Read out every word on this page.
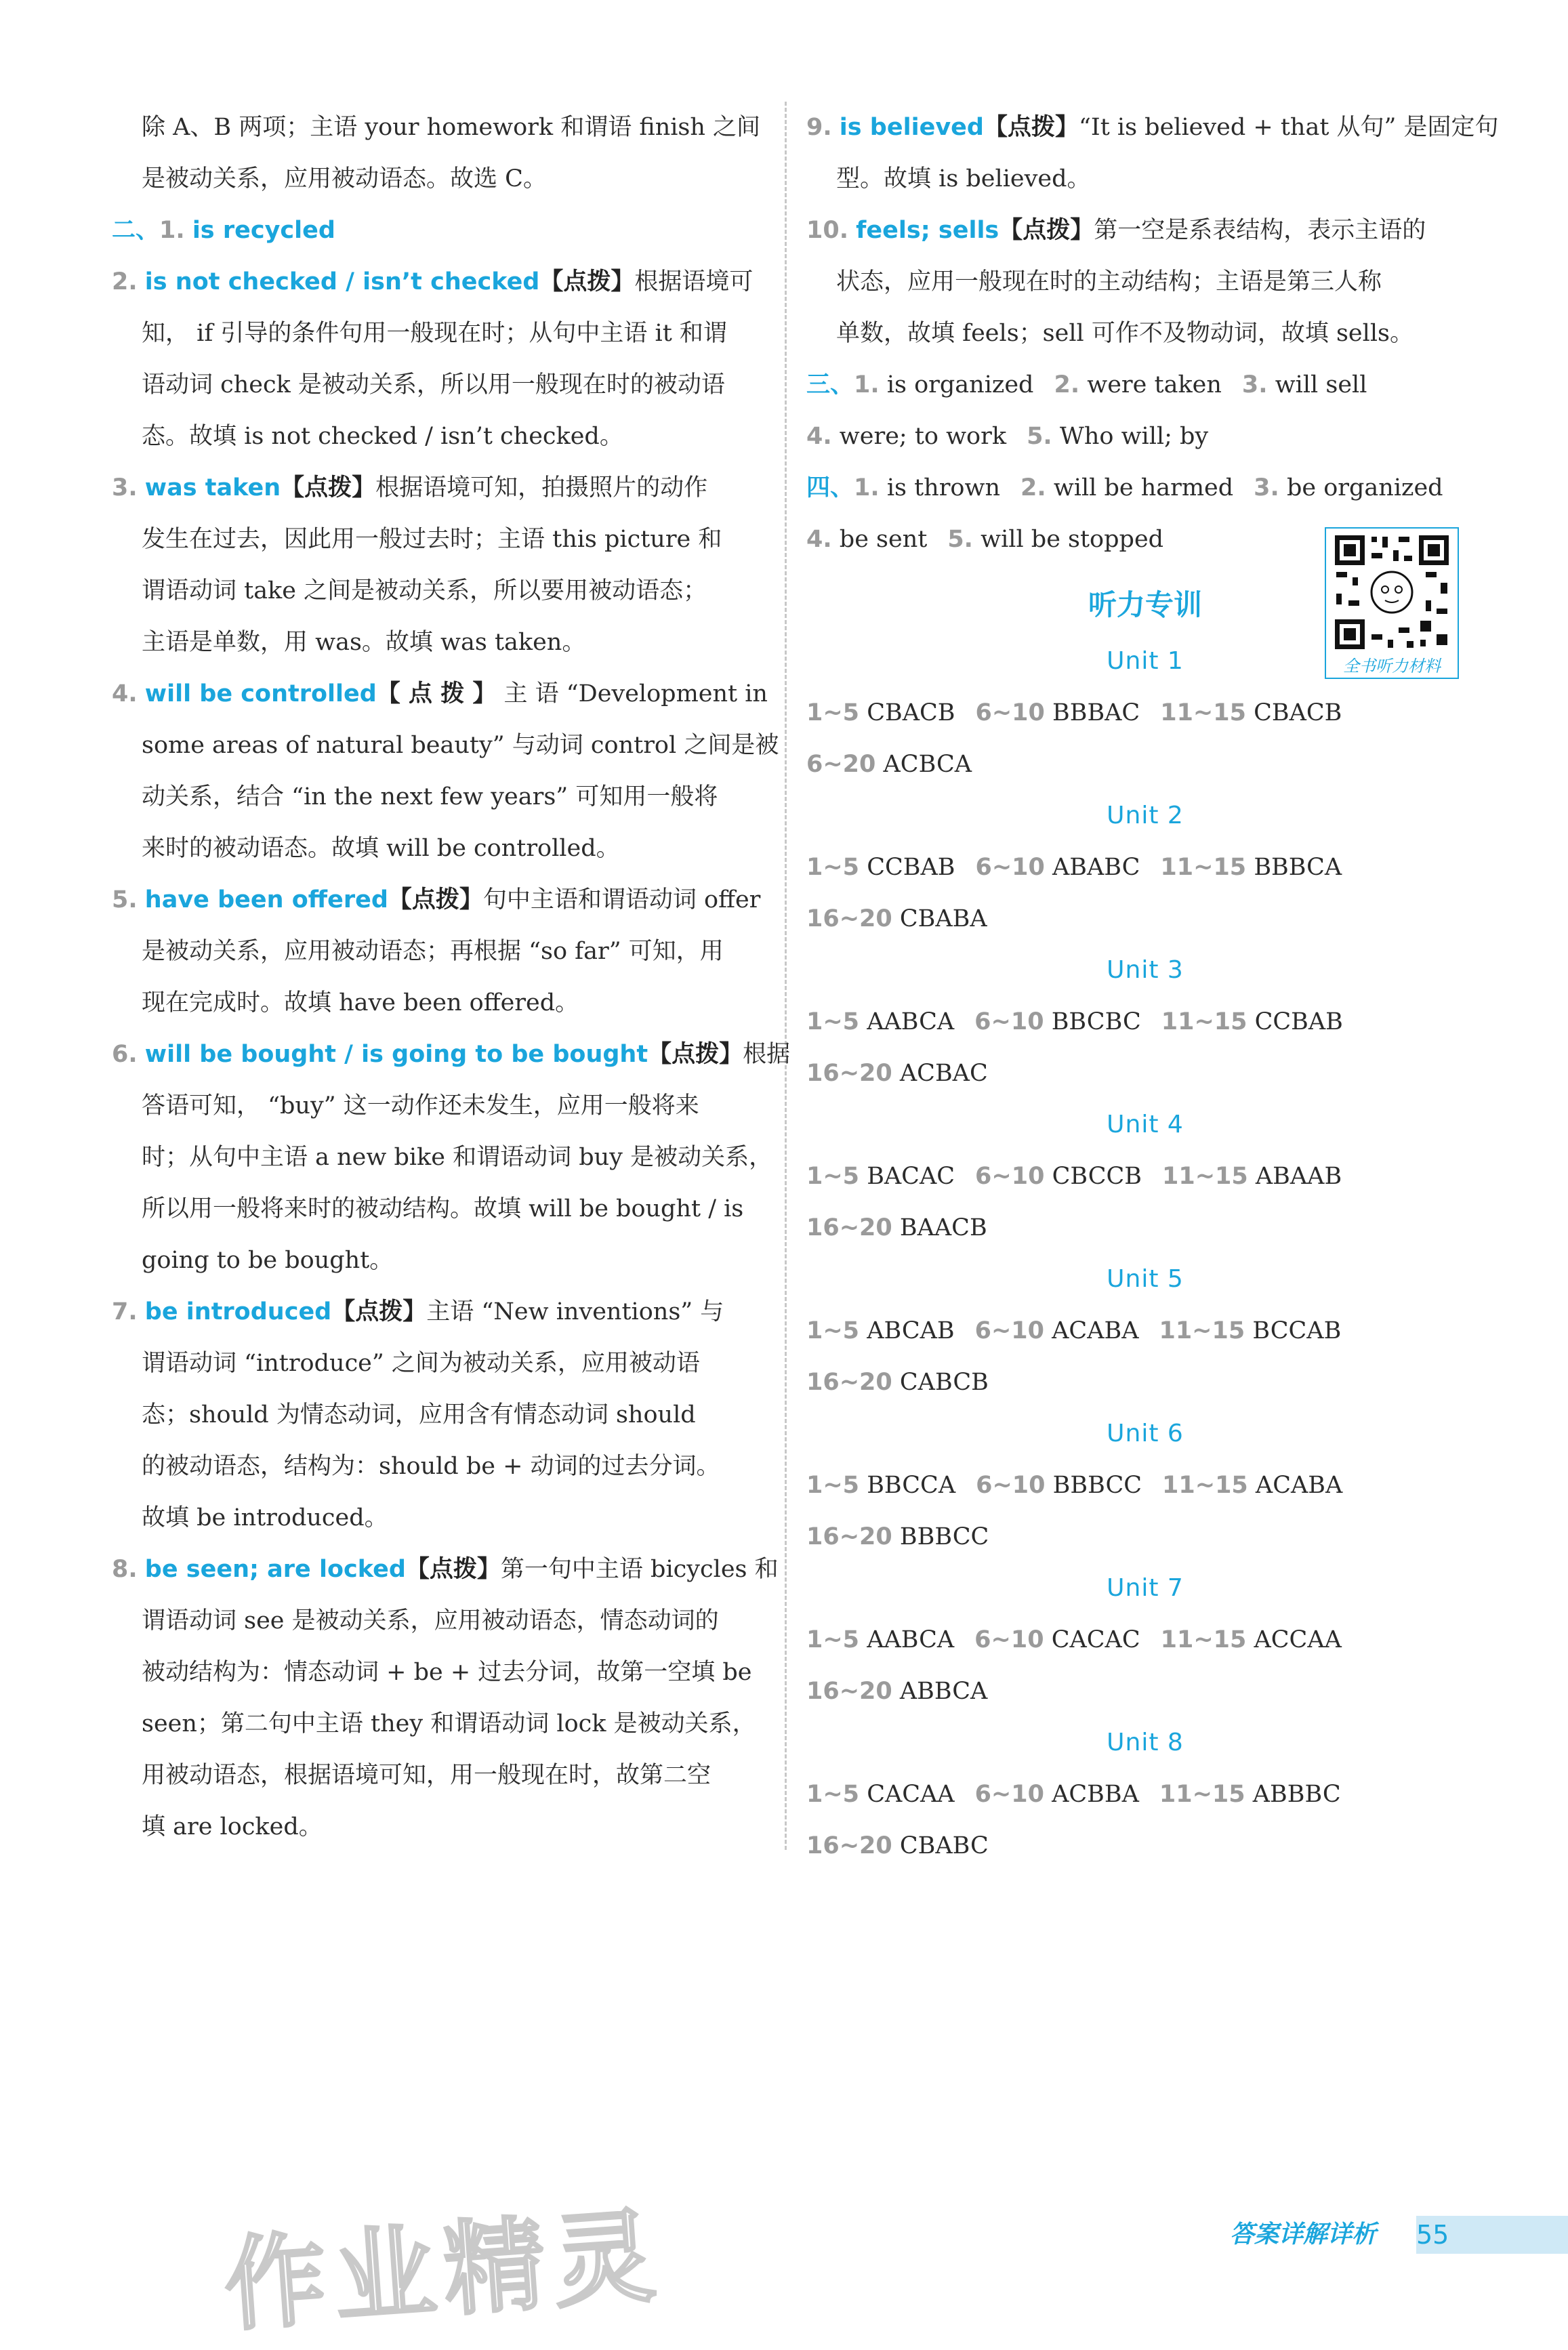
除 A、B 两项；主语 your homework 和谓语 finish 之间
是被动关系，应用被动语态。故选 C。
二、1. is recycled
2. is not checked / isn’t checked【点拨】根据语境可
知， if 引导的条件句用一般现在时；从句中主语 it 和谓
语动词 check 是被动关系，所以用一般现在时的被动语
态。故填 is not checked / isn’t checked。
3. was taken【点拨】根据语境可知，拍摄照片的动作
发生在过去，因此用一般过去时；主语 this picture 和
谓语动词 take 之间是被动关系，所以要用被动语态；
主语是单数，用 was。故填 was taken。
4. will be controlled【 点 拨 】 主 语 “Development in
some areas of natural beauty” 与动词 control 之间是被
动关系，结合 “in the next few years” 可知用一般将
来时的被动语态。故填 will be controlled。
5. have been offered【点拨】句中主语和谓语动词 offer
是被动关系，应用被动语态；再根据 “so far” 可知，用
现在完成时。故填 have been offered。
6. will be bought / is going to be bought【点拨】根据
答语可知， “buy” 这一动作还未发生，应用一般将来
时；从句中主语 a new bike 和谓语动词 buy 是被动关系，
所以用一般将来时的被动结构。故填 will be bought / is
going to be bought。
7. be introduced【点拨】主语 “New inventions” 与
谓语动词 “introduce” 之间为被动关系，应用被动语
态；should 为情态动词，应用含有情态动词 should
的被动语态，结构为：should be + 动词的过去分词。
故填 be introduced。
8. be seen; are locked【点拨】第一句中主语 bicycles 和
谓语动词 see 是被动关系，应用被动语态，情态动词的
被动结构为：情态动词 + be + 过去分词，故第一空填 be
seen；第二句中主语 they 和谓语动词 lock 是被动关系，
用被动语态，根据语境可知，用一般现在时，故第二空
填 are locked。
9. is believed【点拨】“It is believed + that 从句” 是固定句
型。故填 is believed。
10. feels; sells【点拨】第一空是系表结构，表示主语的
状态，应用一般现在时的主动结构；主语是第三人称
单数，故填 feels；sell 可作不及物动词，故填 sells。
三、1. is organized 2. were taken 3. will sell
4. were; to work 5. Who will; by
四、1. is thrown 2. will be harmed 3. be organized
4. be sent 5. will be stopped
听力专训
Unit 1
1~5 CBACB 6~10 BBBAC 11~15 CBACB
6~20 ACBCA
Unit 2
1~5 CCBAB 6~10 ABABC 11~15 BBBCA
16~20 CBABA
Unit 3
1~5 AABCA 6~10 BBCBC 11~15 CCBAB
16~20 ACBAC
Unit 4
1~5 BACAC 6~10 CBCCB 11~15 ABAAB
16~20 BAACB
Unit 5
1~5 ABCAB 6~10 ACABA 11~15 BCCAB
16~20 CABCB
Unit 6
1~5 BBCCA 6~10 BBBCC 11~15 ACABA
16~20 BBBCC
Unit 7
1~5 AABCA 6~10 CACAC 11~15 ACCAA
16~20 ABBCA
Unit 8
1~5 CACAA 6~10 ACBBA 11~15 ABBBC
16~20 CBABC
全书听力材料
作业精灵	答案详解详析 55
